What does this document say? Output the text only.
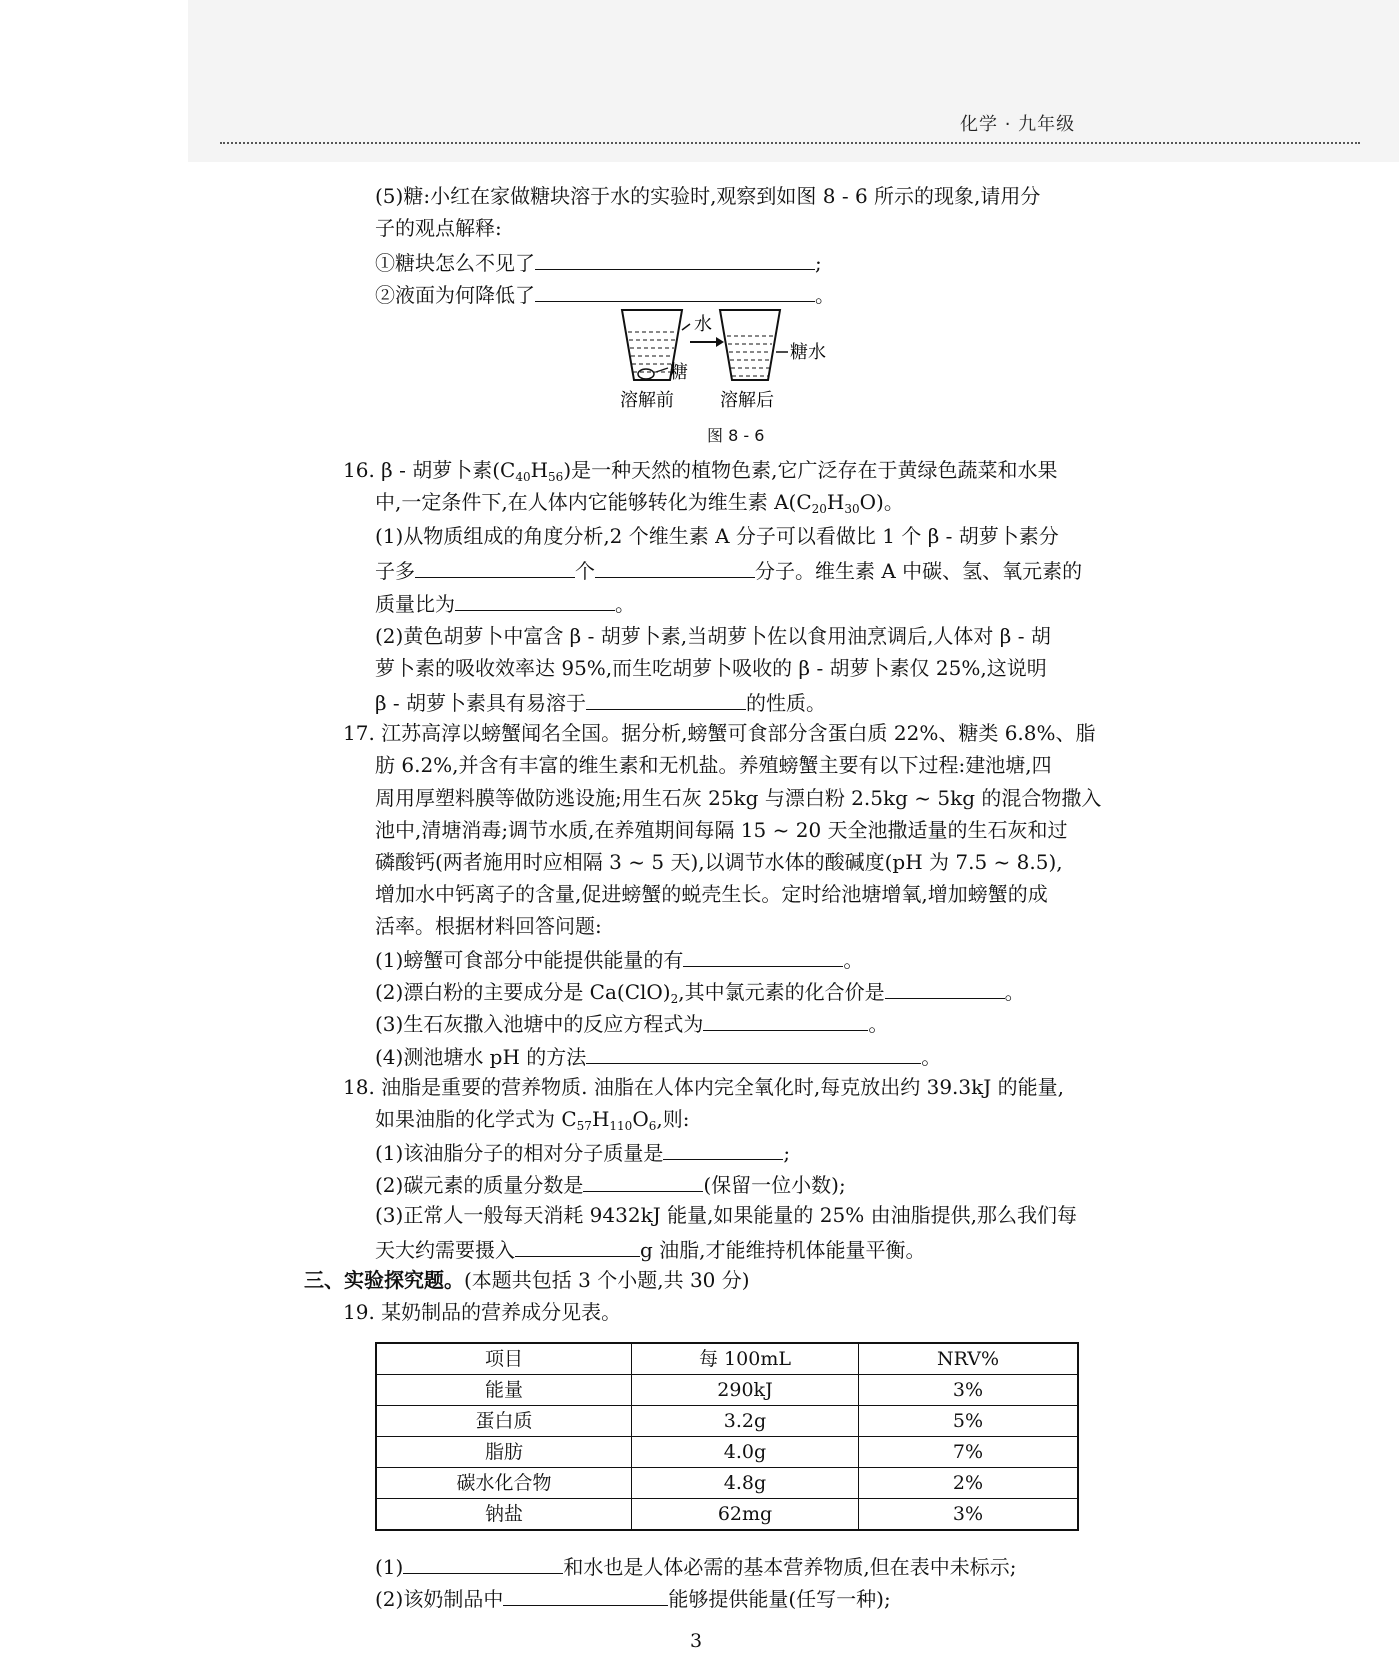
化学 · 九年级
(5)糖:小红在家做糖块溶于水的实验时,观察到如图 8 - 6 所示的现象,请用分
子的观点解释:
①糖块怎么不见了	;
②液面为何降低了	。
水
糖
糖水
溶解前	溶解后
图 8 - 6
16. β - 胡萝卜素$(C_{40}H_{56})$是一种天然的植物色素,它广泛存在于黄绿色蔬菜和水果
中,一定条件下,在人体内它能够转化为维生素 $A(C_{20}H_{30}O)$。
(1)从物质组成的角度分析,2 个维生素 A 分子可以看做比 1 个 β - 胡萝卜素分
子多	个	分子。维生素 A 中碳、氢、氧元素的
质量比为	。
(2)黄色胡萝卜中富含 β - 胡萝卜素,当胡萝卜佐以食用油烹调后,人体对 β - 胡
萝卜素的吸收效率达 95%,而生吃胡萝卜吸收的 β - 胡萝卜素仅 25%,这说明
β - 胡萝卜素具有易溶于	的性质。
17. 江苏高淳以螃蟹闻名全国。据分析,螃蟹可食部分含蛋白质 22%、糖类 6.8%、脂
肪 6.2%,并含有丰富的维生素和无机盐。养殖螃蟹主要有以下过程:建池塘,四
周用厚塑料膜等做防逃设施;用生石灰 25kg 与漂白粉 2.5kg ~ 5kg 的混合物撒入
池中,清塘消毒;调节水质,在养殖期间每隔 15 ~ 20 天全池撒适量的生石灰和过
磷酸钙(两者施用时应相隔 3 ~ 5 天),以调节水体的酸碱度(pH 为 7.5 ~ 8.5),
增加水中钙离子的含量,促进螃蟹的蜕壳生长。定时给池塘增氧,增加螃蟹的成
活率。根据材料回答问题:
(1)螃蟹可食部分中能提供能量的有	。
(2)漂白粉的主要成分是 $Ca(ClO)_2$,其中氯元素的化合价是	。
(3)生石灰撒入池塘中的反应方程式为	。
(4)测池塘水 pH 的方法	。
18. 油脂是重要的营养物质. 油脂在人体内完全氧化时,每克放出约 39.3kJ 的能量,
如果油脂的化学式为 $C_{57}H_{110}O_6$,则:
(1)该油脂分子的相对分子质量是	;
(2)碳元素的质量分数是	(保留一位小数);
(3)正常人一般每天消耗 9432kJ 能量,如果能量的 25% 由油脂提供,那么我们每
天大约需要摄入	g 油脂,才能维持机体能量平衡。
三、实验探究题。(本题共包括 3 个小题,共 30 分)
19. 某奶制品的营养成分见表。
项目	每 100mL	NRV%
能量	290kJ	3%
蛋白质	3.2g	5%
脂肪	4.0g	7%
碳水化合物	4.8g	2%
钠盐	62mg	3%
(1)	和水也是人体必需的基本营养物质,但在表中未标示;
(2)该奶制品中	能够提供能量(任写一种);
3
